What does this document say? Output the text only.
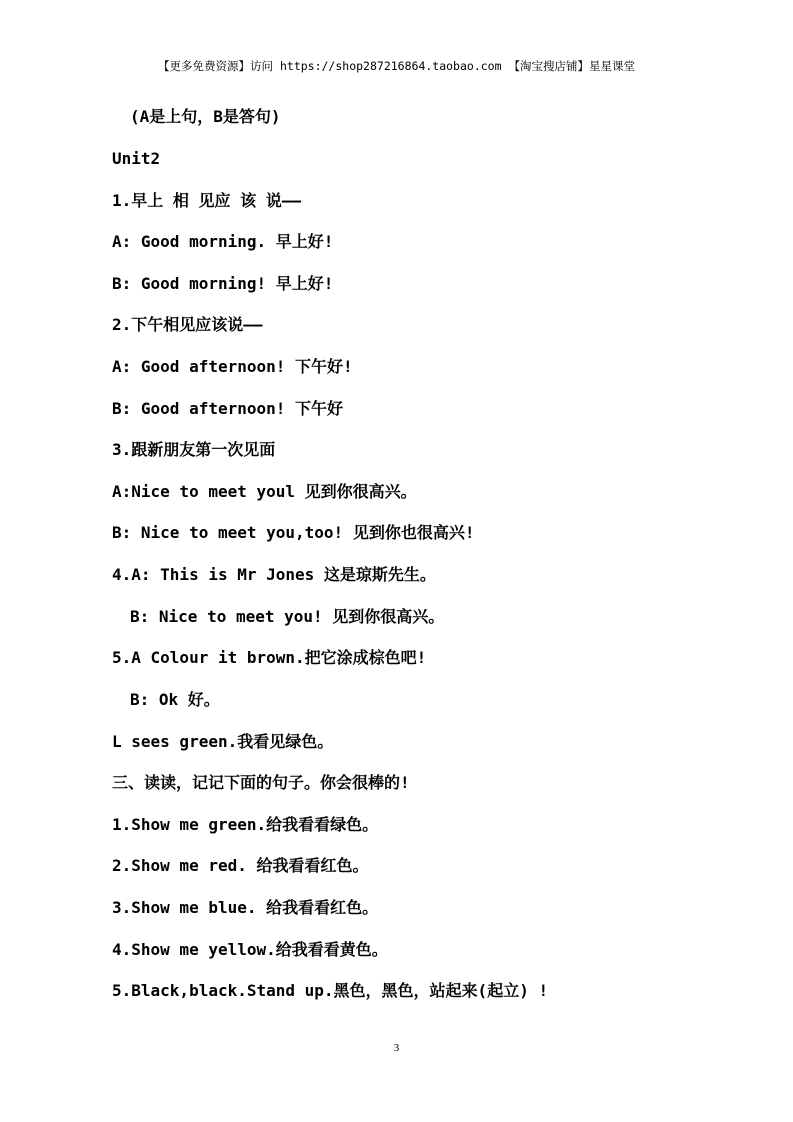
【更多免费资源】访问 https://shop287216864.taobao.com 【淘宝搜店铺】星星课堂
(A是上句，B是答句)
Unit2
1.早上 相 见应 该 说——
A: Good morning. 早上好!
B: Good morning! 早上好!
2.下午相见应该说——
A: Good afternoon! 下午好!
B: Good afternoon! 下午好
3.跟新朋友第一次见面
A:Nice to meet youl 见到你很高兴。
B: Nice to meet you,too! 见到你也很高兴!
4.A: This is Mr Jones 这是琼斯先生。
B: Nice to meet you! 见到你很高兴。
5.A Colour it brown.把它涂成棕色吧!
B: Ok 好。
L sees green.我看见绿色。
三、读读，记记下面的句子。你会很棒的!
1.Show me green.给我看看绿色。
2.Show me red. 给我看看红色。
3.Show me blue. 给我看看红色。
4.Show me yellow.给我看看黄色。
5.Black,black.Stand up.黑色，黑色，站起来(起立) !
3
